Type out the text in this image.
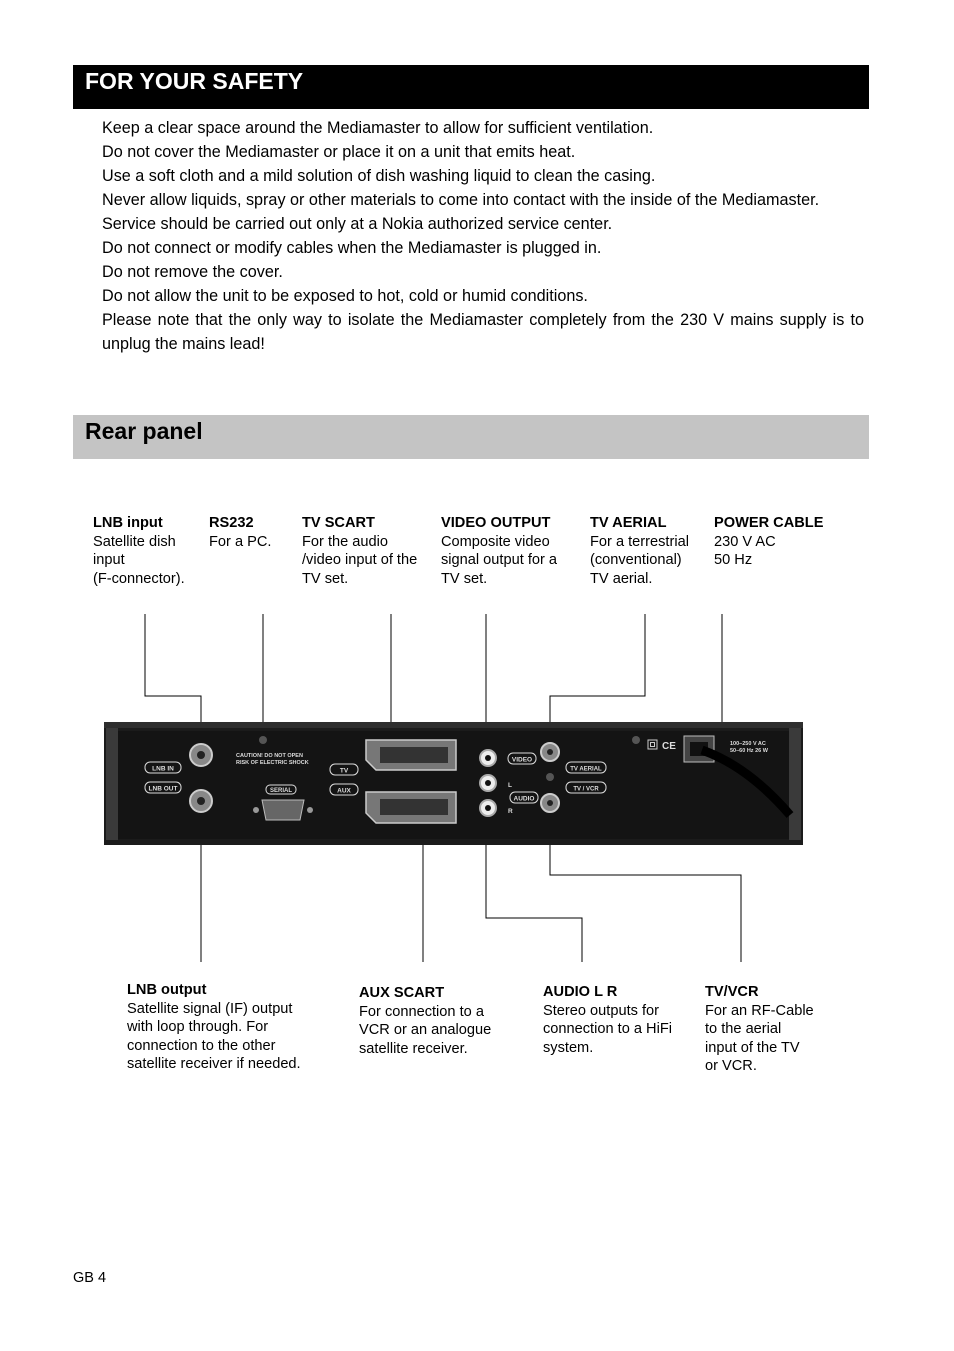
FOR YOUR SAFETY

Keep a clear space around the Mediamaster to allow for sufficient ventilation.

Do not cover the Mediamaster or place it on a unit that emits heat.

Use a soft cloth and a mild solution of dish washing liquid to clean the casing.

Never allow liquids, spray or other materials to come into contact with the inside of the Mediamaster.

Service should be carried out only at a Nokia authorized service center.

Do not connect or modify cables when the Mediamaster is plugged in.

Do not remove the cover.

Do not allow the unit to be exposed to hot, cold or humid conditions.

Please note that the only way to isolate the Mediamaster completely from the 230 V mains supply is to unplug the mains lead!

Rear panel
LNB input
Satellite dish
input
(F-connector).
RS232
For a PC.
TV SCART
For the audio
/video input of the
TV set.
VIDEO OUTPUT
Composite video
signal output for a
TV set.
TV AERIAL
For a terrestrial
(conventional)
TV aerial.
POWER CABLE
230 V AC
50 Hz
LNB output
Satellite signal (IF) output
with loop through. For
connection to the other
satellite receiver if needed.
AUX SCART
For connection to a
VCR or an analogue
satellite receiver.
AUDIO L R
Stereo outputs for
connection to a HiFi
system.
TV/VCR
For an RF-Cable
to the aerial
input of the TV
or VCR.
LNB IN
LNB OUT
CAUTION! DO NOT OPEN
RISK OF ELECTRIC SHOCK
SERIAL
TV
AUX
VIDEO
L
AUDIO
R
TV AERIAL
TV / VCR
CE	100–250 V AC
50–60 Hz 26 W
GB 4
